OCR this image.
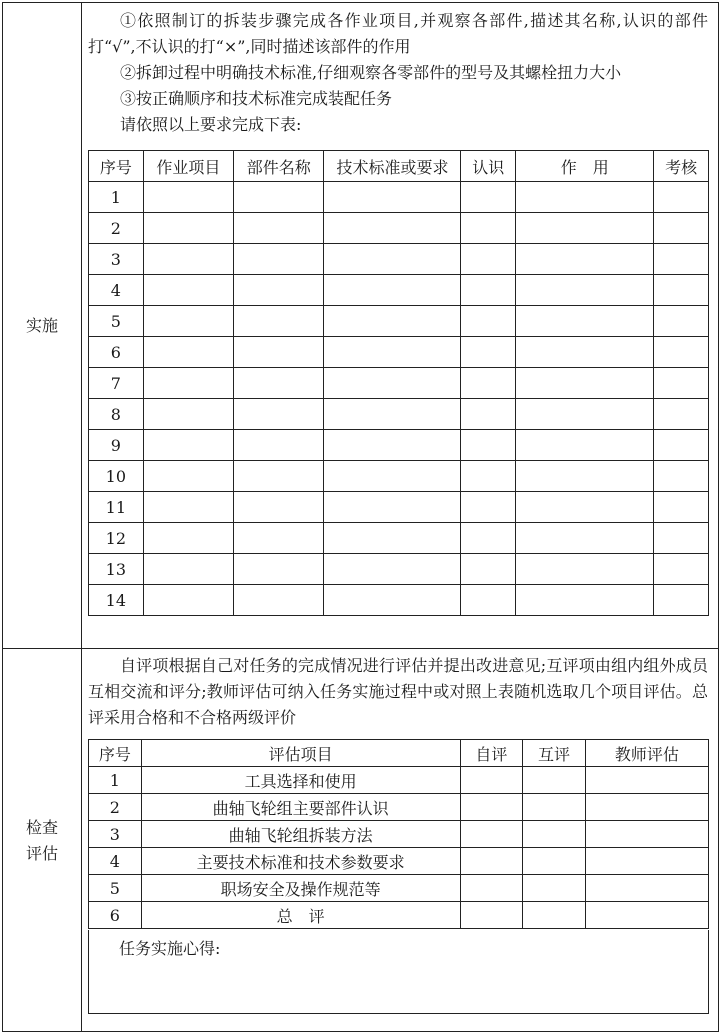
实施
检查
评估

①依照制订的拆装步骤完成各作业项目,并观察各部件,描述其名称,认识的部件打“√”,不认识的打“×”,同时描述该部件的作用

②拆卸过程中明确技术标准,仔细观察各零部件的型号及其螺栓扭力大小

③按正确顺序和技术标准完成装配任务

请依照以上要求完成下表:

序号	作业项目	部件名称	技术标准或要求	认识	作　用	考核
1						
2						
3						
4						
5						
6						
7						
8						
9						
10						
11						
12						
13						
14						

自评项根据自己对任务的完成情况进行评估并提出改进意见;互评项由组内组外成员互相交流和评分;教师评估可纳入任务实施过程中或对照上表随机选取几个项目评估。总评采用合格和不合格两级评价

序号	评估项目	自评	互评	教师评估
1	工具选择和使用			
2	曲轴飞轮组主要部件认识			
3	曲轴飞轮组拆装方法			
4	主要技术标准和技术参数要求			
5	职场安全及操作规范等			
6	总　评			
任务实施心得:
